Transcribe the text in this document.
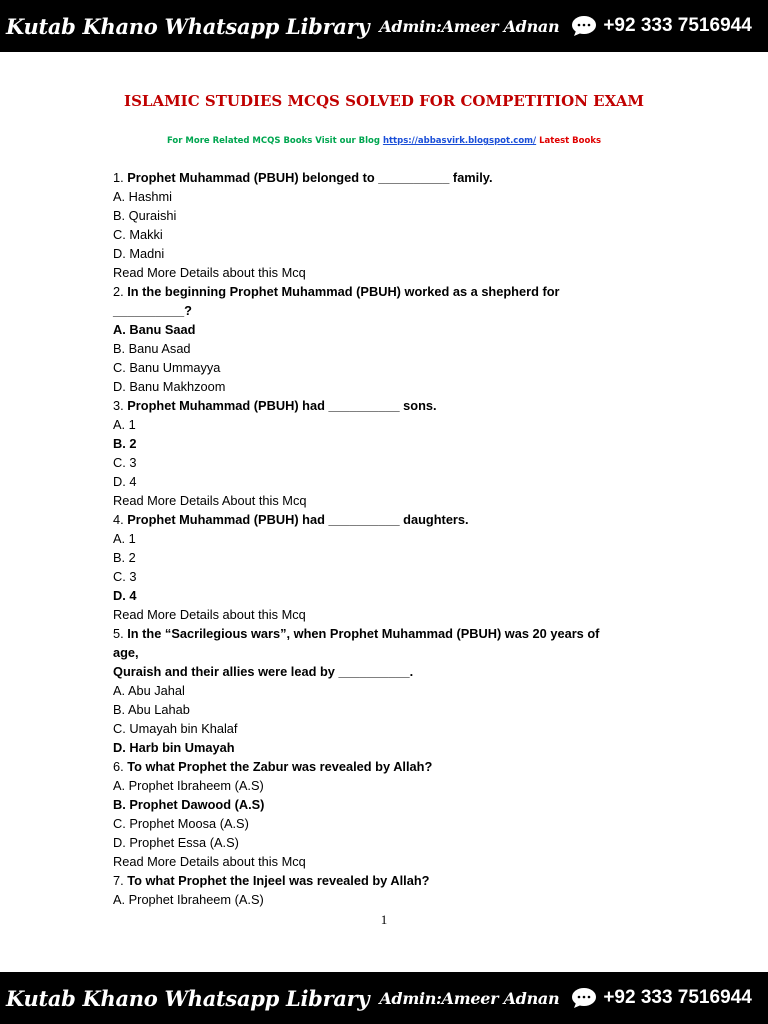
Kutab Khano Whatsapp Library Admin:Ameer Adnan +92 333 7516944
ISLAMIC STUDIES MCQS SOLVED FOR COMPETITION EXAM
For More Related MCQS Books Visit our Blog https://abbasvirk.blogspot.com/ Latest Books
1. Prophet Muhammad (PBUH) belonged to __________ family.
A. Hashmi
B. Quraishi
C. Makki
D. Madni
Read More Details about this Mcq
2. In the beginning Prophet Muhammad (PBUH) worked as a shepherd for
__________?
A. Banu Saad
B. Banu Asad
C. Banu Ummayya
D. Banu Makhzoom
3. Prophet Muhammad (PBUH) had __________ sons.
A. 1
B. 2
C. 3
D. 4
Read More Details About this Mcq
4. Prophet Muhammad (PBUH) had __________ daughters.
A. 1
B. 2
C. 3
D. 4
Read More Details about this Mcq
5. In the “Sacrilegious wars”, when Prophet Muhammad (PBUH) was 20 years of
age,
Quraish and their allies were lead by __________.
A. Abu Jahal
B. Abu Lahab
C. Umayah bin Khalaf
D. Harb bin Umayah
6. To what Prophet the Zabur was revealed by Allah?
A. Prophet Ibraheem (A.S)
B. Prophet Dawood (A.S)
C. Prophet Moosa (A.S)
D. Prophet Essa (A.S)
Read More Details about this Mcq
7. To what Prophet the Injeel was revealed by Allah?
A. Prophet Ibraheem (A.S)
1
Kutab Khano Whatsapp Library Admin:Ameer Adnan +92 333 7516944
